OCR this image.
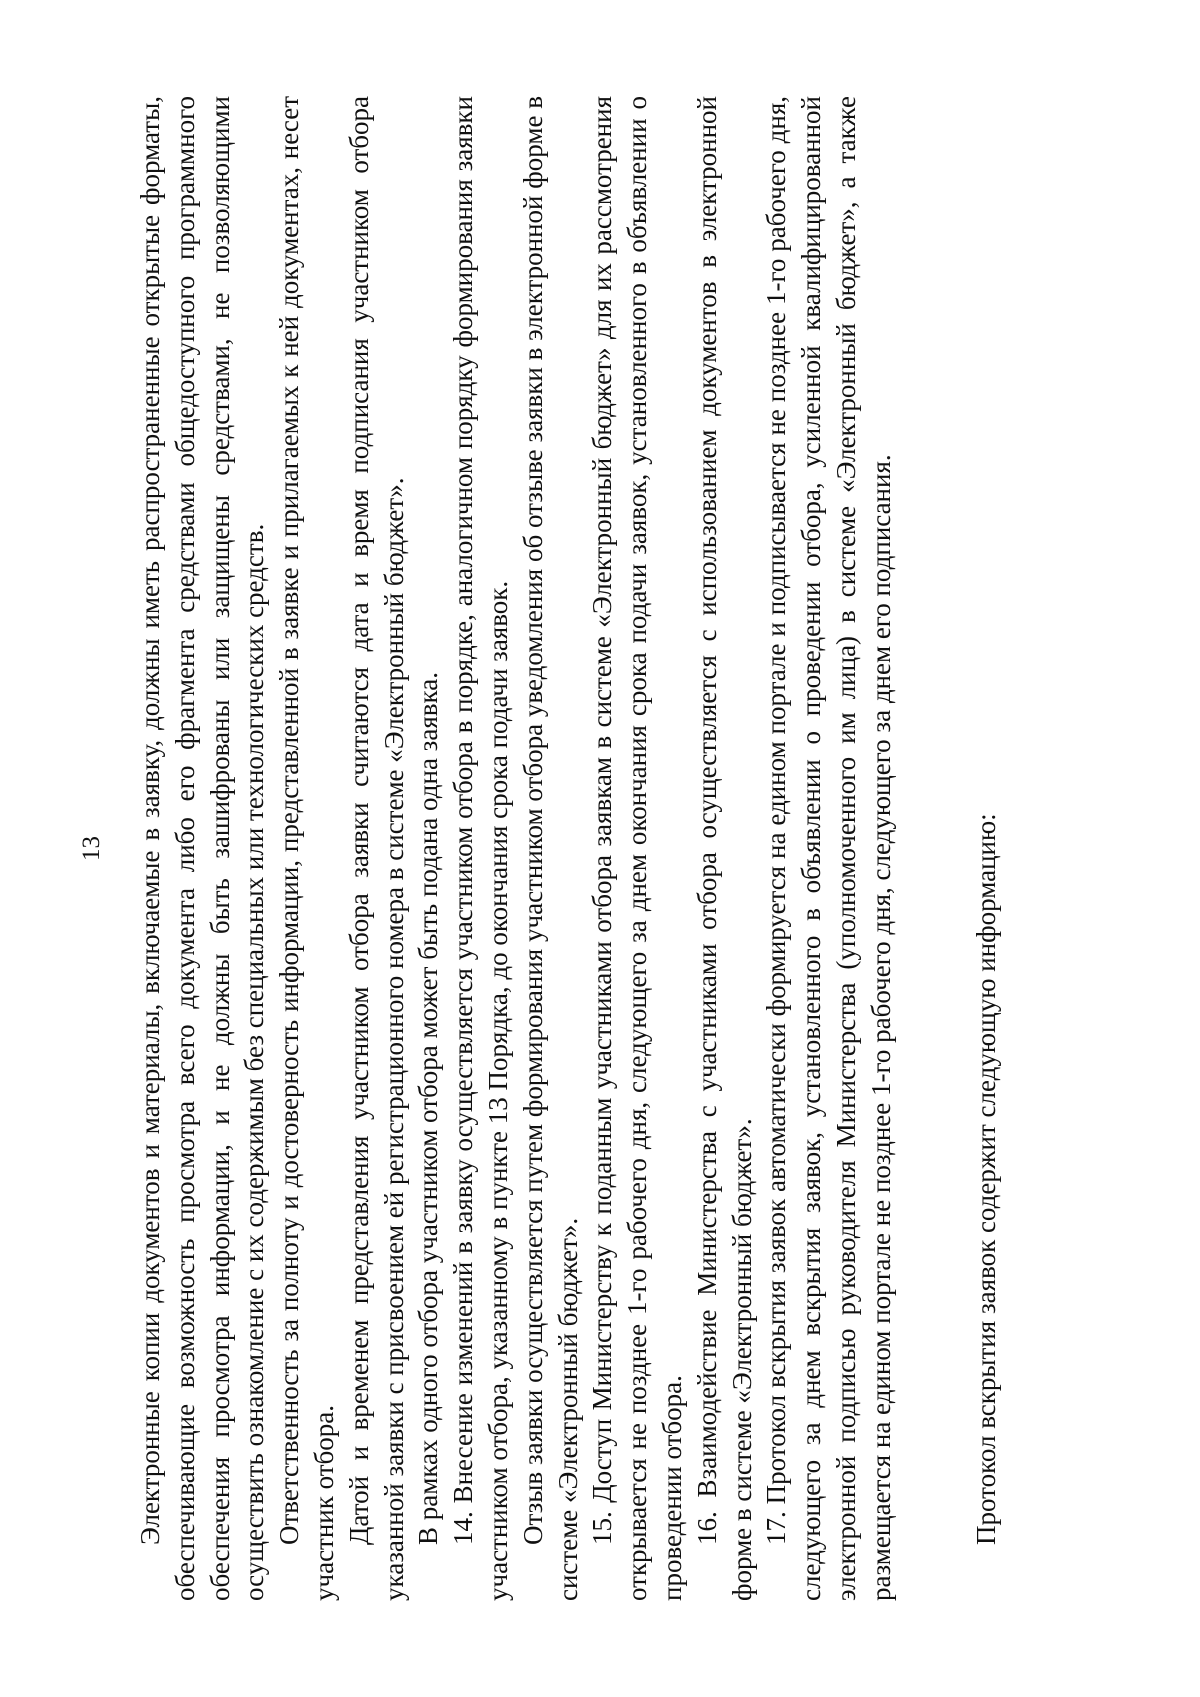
13 Электронные копии документов и материалы, включаемые в заявку, должны иметь распространенные открытые форматы, обеспечивающие возможность просмотра всего документа либо его фрагмента средствами общедоступного программного обеспечения просмотра информации, и не должны быть зашифрованы или защищены средствами, не позволяющими осуществить ознакомление с их содержимым без специальных или технологических средств. Ответственность за полноту и достоверность информации, представленной в заявке и прилагаемых к ней документах, несет участник отбора. Датой и временем представления участником отбора заявки считаются дата и время подписания участником отбора указанной заявки с присвоением ей регистрационного номера в системе «Электронный бюджет». В рамках одного отбора участником отбора может быть подана одна заявка. 14. Внесение изменений в заявку осуществляется участником отбора в порядке, аналогичном порядку формирования заявки участником отбора, указанному в пункте 13 Порядка, до окончания срока подачи заявок. Отзыв заявки осуществляется путем формирования участником отбора уведомления об отзыве заявки в электронной форме в системе «Электронный бюджет». 15. Доступ Министерству к поданным участниками отбора заявкам в системе «Электронный бюджет» для их рассмотрения открывается не позднее 1-го рабочего дня, следующего за днем окончания срока подачи заявок, установленного в объявлении о проведении отбора. 16. Взаимодействие Министерства с участниками отбора осуществляется с использованием документов в электронной форме в системе «Электронный бюджет». 17. Протокол вскрытия заявок автоматически формируется на едином портале и подписывается не позднее 1-го рабочего дня, следующего за днем вскрытия заявок, установленного в объявлении о проведении отбора, усиленной квалифицированной электронной подписью руководителя Министерства (уполномоченного им лица) в системе «Электронный бюджет», а также размещается на едином портале не позднее 1-го рабочего дня, следующего за днем его подписания.	Протокол вскрытия заявок содержит следующую информацию:
